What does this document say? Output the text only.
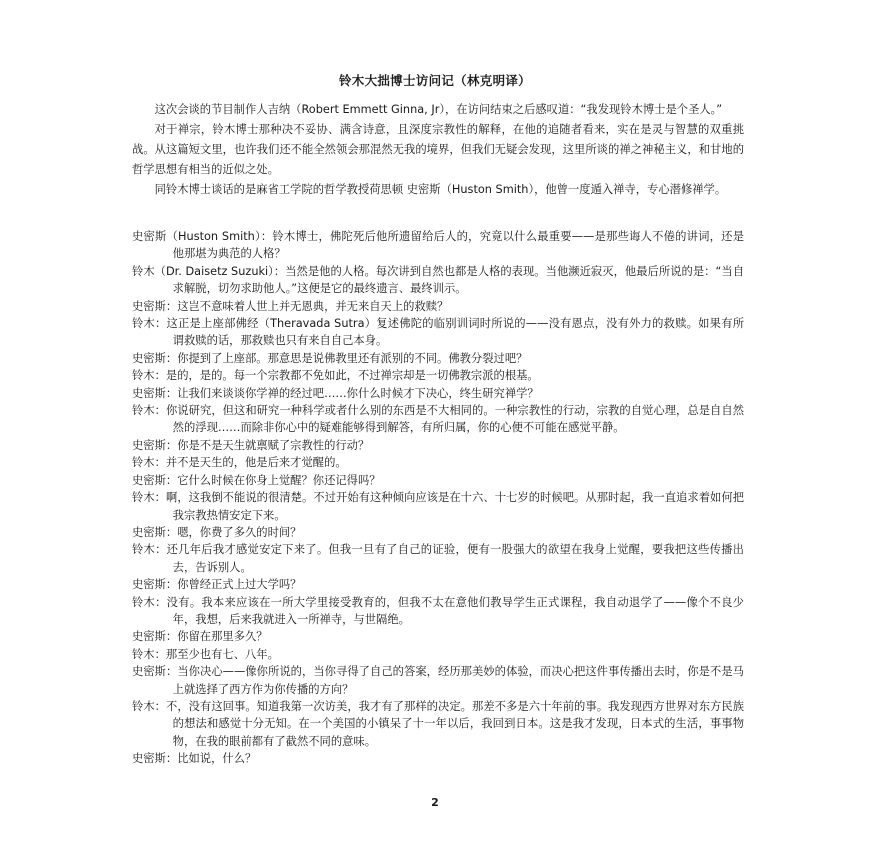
铃木大拙博士访问记（林克明译）

这次会谈的节目制作人吉纳（Robert Emmett Ginna, Jr），在访问结束之后感叹道：“我发现铃木博士是个圣人。”

对于禅宗，铃木博士那种决不妥协、满含诗意，且深度宗教性的解释，在他的追随者看来，实在是灵与智慧的双重挑战。从这篇短文里，也许我们还不能全然领会那混然无我的境界，但我们无疑会发现，这里所谈的禅之神秘主义，和甘地的哲学思想有相当的近似之处。

同铃木博士谈话的是麻省工学院的哲学教授荷思顿 史密斯（Huston Smith），他曾一度遁入禅寺，专心潜修禅学。

史密斯（Huston Smith）：铃木博士，佛陀死后他所遗留给后人的，究竟以什么最重要——是那些诲人不倦的讲词，还是他那堪为典范的人格？

铃木（Dr. Daisetz Suzuki）：当然是他的人格。每次讲到自然也都是人格的表现。当他濒近寂灭，他最后所说的是：“当自求解脱，切勿求助他人。”这便是它的最终遗言、最终训示。

史密斯：这岂不意味着人世上并无恩典，并无来自天上的救赎？

铃木：这正是上座部佛经（Theravada Sutra）复述佛陀的临别训词时所说的——没有恩点，没有外力的救赎。如果有所谓救赎的话，那救赎也只有来自自己本身。

史密斯：你提到了上座部。那意思是说佛教里还有派别的不同。佛教分裂过吧？

铃木：是的，是的。每一个宗教都不免如此，不过禅宗却是一切佛教宗派的根基。

史密斯：让我们来谈谈你学禅的经过吧……你什么时候才下决心，终生研究禅学？

铃木：你说研究，但这和研究一种科学或者什么别的东西是不大相同的。一种宗教性的行动，宗教的自觉心理，总是自自然然的浮现……而除非你心中的疑难能够得到解答，有所归属，你的心便不可能在感觉平静。

史密斯：你是不是天生就禀赋了宗教性的行动？

铃木：并不是天生的，他是后来才觉醒的。

史密斯：它什么时候在你身上觉醒？你还记得吗？

铃木：啊，这我倒不能说的很清楚。不过开始有这种倾向应该是在十六、十七岁的时候吧。从那时起，我一直追求着如何把我宗教热情安定下来。

史密斯：嗯，你费了多久的时间？

铃木：还几年后我才感觉安定下来了。但我一旦有了自己的证验，便有一股强大的欲望在我身上觉醒，要我把这些传播出去，告诉别人。

史密斯：你曾经正式上过大学吗？

铃木：没有。我本来应该在一所大学里接受教育的，但我不太在意他们教导学生正式课程，我自动退学了——像个不良少年，我想，后来我就进入一所禅寺，与世隔绝。

史密斯：你留在那里多久？

铃木：那至少也有七、八年。

史密斯：当你决心——像你所说的，当你寻得了自己的答案，经历那美妙的体验，而决心把这件事传播出去时，你是不是马上就选择了西方作为你传播的方向？

铃木：不，没有这回事。知道我第一次访美，我才有了那样的决定。那差不多是六十年前的事。我发现西方世界对东方民族的想法和感觉十分无知。在一个美国的小镇呆了十一年以后，我回到日本。这是我才发现，日本式的生活，事事物物，在我的眼前都有了截然不同的意味。

史密斯：比如说，什么？

2
